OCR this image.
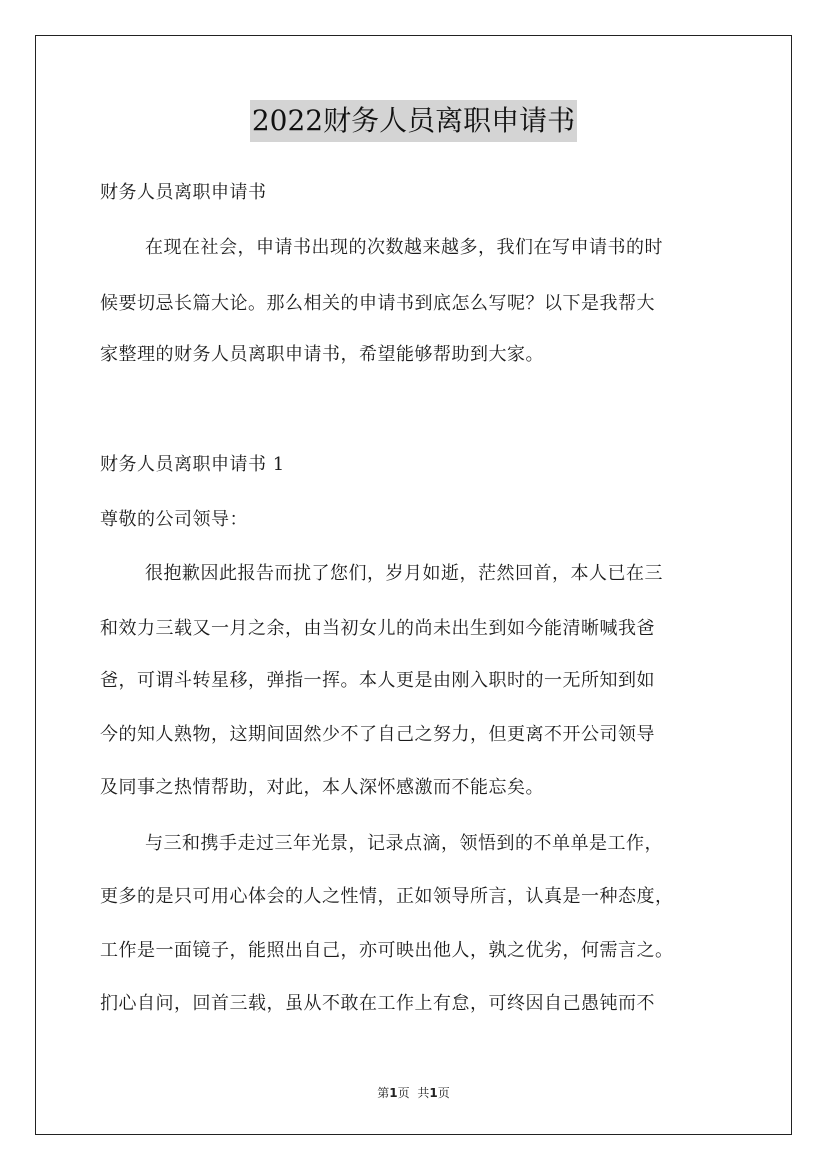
2022财务人员离职申请书
财务人员离职申请书
在现在社会，申请书出现的次数越来越多，我们在写申请书的时
候要切忌长篇大论。那么相关的申请书到底怎么写呢？以下是我帮大
家整理的财务人员离职申请书，希望能够帮助到大家。
财务人员离职申请书 1
尊敬的公司领导：
很抱歉因此报告而扰了您们，岁月如逝，茫然回首，本人已在三
和效力三载又一月之余，由当初女儿的尚未出生到如今能清晰喊我爸
爸，可谓斗转星移，弹指一挥。本人更是由刚入职时的一无所知到如
今的知人熟物，这期间固然少不了自己之努力，但更离不开公司领导
及同事之热情帮助，对此，本人深怀感激而不能忘矣。
与三和携手走过三年光景，记录点滴，领悟到的不单单是工作，
更多的是只可用心体会的人之性情，正如领导所言，认真是一种态度，
工作是一面镜子，能照出自己，亦可映出他人，孰之优劣，何需言之。
扪心自问，回首三载，虽从不敢在工作上有怠，可终因自己愚钝而不
第1页 共1页
